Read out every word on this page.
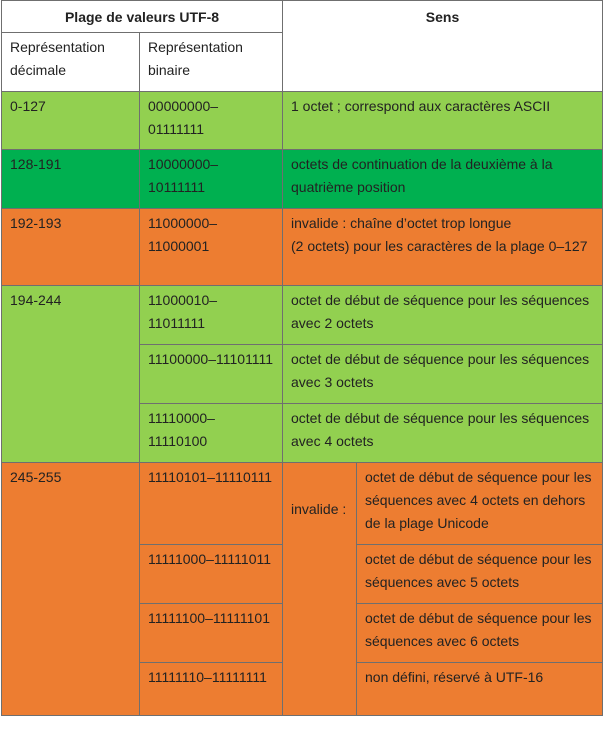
Plage de valeurs UTF-8		Sens	
Représentation décimale	Représentation binaire		
0-127	00000000–01111111	1 octet ; correspond aux caractères ASCII	
128-191	10000000–10111111	octets de continuation de la deuxième à la quatrième position	
192-193	11000000–11000001	invalide : chaîne d’octet trop longue
(2 octets) pour les caractères de la plage 0–127	

194-244	11000010–11011111	octet de début de séquence pour les séquences avec 2 octets	
	11100000–11101111	octet de début de séquence pour les séquences avec 3 octets	
	11110000–11110100	octet de début de séquence pour les séquences avec 4 octets	
245-255	11110101–11110111	invalide :	octet de début de séquence pour les séquences avec 4 octets en dehors de la plage Unicode
	11111000–11111011		octet de début de séquence pour les séquences avec 5 octets
	11111100–11111101		octet de début de séquence pour les séquences avec 6 octets
	11111110–11111111		non défini, réservé à UTF-16
